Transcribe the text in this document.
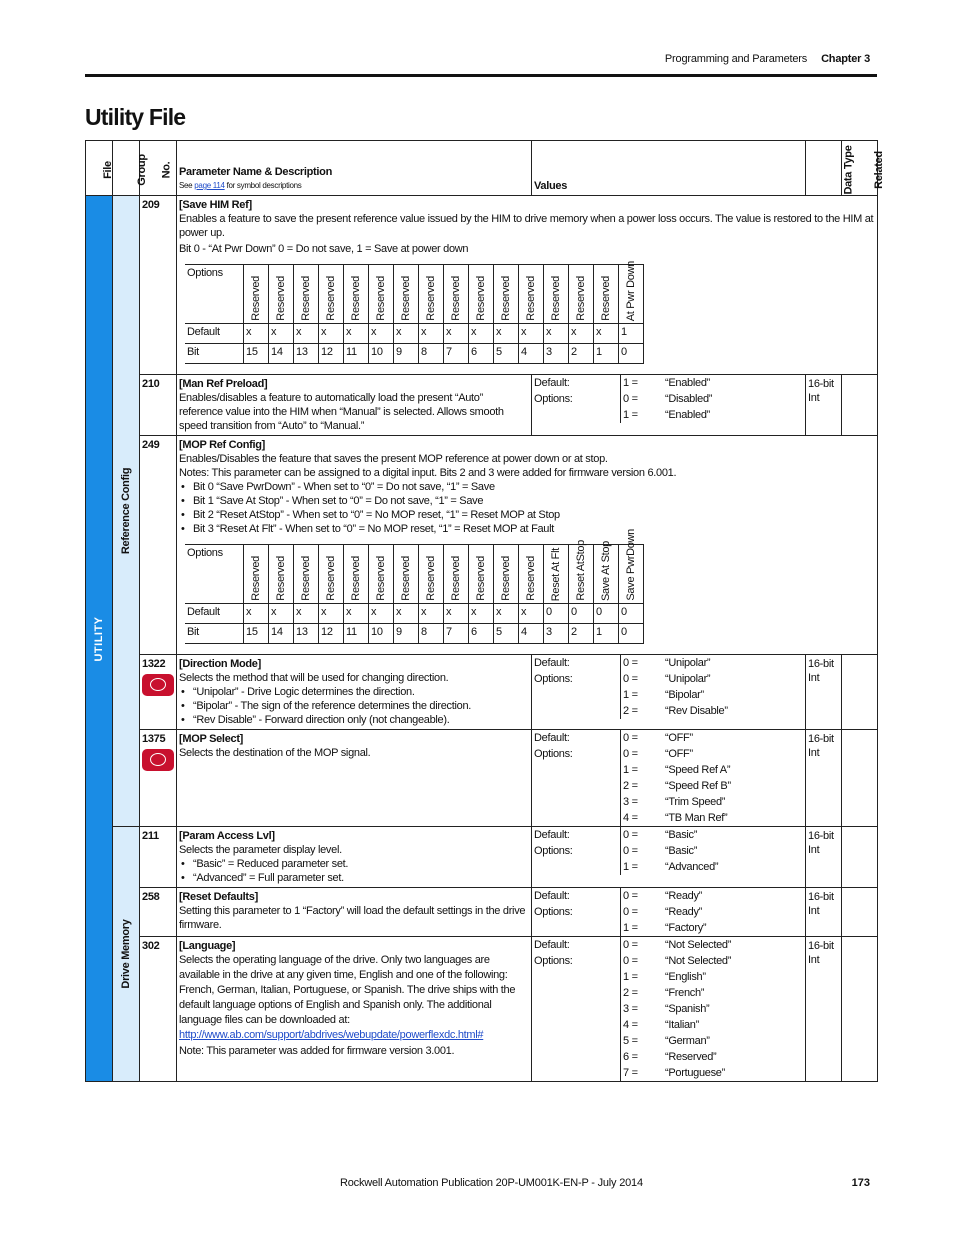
Programming and Parameters Chapter 3
Utility File
File	Group	No.	Parameter Name & Description
See page 114 for symbol descriptions	Values	Data Type	Related

UTILITY

Reference Config
	209	[Save HIM Ref]
Enables a feature to save the present reference value issued by the HIM to drive memory when a power loss occurs. The value is restored to the HIM at power up.
Bit 0 - “At Pwr Down” 0 = Do not save, 1 = Save at power down
Options	
Reserved	Reserved	Reserved	Reserved	Reserved	Reserved	Reserved	Reserved	Reserved	Reserved	Reserved	Reserved	Reserved	Reserved	Reserved	At Pwr Down

Default	x	x	x	x	x	x	x	x	x	x	x	x	x	x	x	1
Bit	15	14	13	12	11	10	9	8	7	6	5	4	3	2	1	0

210	[Man Ref Preload]
Enables/disables a feature to automatically load the present “Auto” reference value into the HIM when “Manual” is selected. Allows smooth speed transition from “Auto” to “Manual.”

Default:	1 =	“Enabled”
Options:	0 =	“Disabled”
	1 =	“Enabled”
	16-bit Int	
249	[MOP Ref Config]
Enables/Disables the feature that saves the present MOP reference at power down or at stop.
Notes: This parameter can be assigned to a digital input. Bits 2 and 3 were added for firmware version 6.001.
• Bit 0 “Save PwrDown” - When set to “0” = Do not save, “1” = Save
• Bit 1 “Save At Stop” - When set to “0” = Do not save, “1” = Save
• Bit 2 “Reset AtStop” - When set to “0” = No MOP reset, “1” = Reset MOP at Stop
• Bit 3 “Reset At Flt” - When set to “0” = No MOP reset, “1” = Reset MOP at Fault
Options	
Reserved	Reserved	Reserved	Reserved	Reserved	Reserved	Reserved	Reserved	Reserved	Reserved	Reserved	Reserved	Reset At Flt	Reset AtStop	Save At Stop	Save PwrDown

Default	x	x	x	x	x	x	x	x	x	x	x	x	0	0	0	0
Bit	15	14	13	12	11	10	9	8	7	6	5	4	3	2	1	0

1322	[Direction Mode]
Selects the method that will be used for changing direction.
• “Unipolar” - Drive Logic determines the direction.
• “Bipolar” - The sign of the reference determines the direction.
• “Rev Disable” - Forward direction only (not changeable).

Default:	0 =	“Unipolar”
Options:	0 =	“Unipolar”
	1 =	“Bipolar”
	2 =	“Rev Disable”
	16-bit Int	

1375	[MOP Select]
Selects the destination of the MOP signal.

Default:	0 =	“OFF”
Options:	0 =	“OFF”
	1 =	“Speed Ref A”
	2 =	“Speed Ref B”
	3 =	“Trim Speed”
	4 =	“TB Man Ref”
	16-bit Int	

Drive Memory
	211	[Param Access Lvl]
Selects the parameter display level.
• “Basic” = Reduced parameter set.
• “Advanced” = Full parameter set.

Default:	0 =	“Basic”
Options:	0 =	“Basic”
	1 =	“Advanced”
	16-bit Int	
258	[Reset Defaults]
Setting this parameter to 1 “Factory” will load the default settings in the drive firmware.

Default:	0 =	“Ready”
Options:	0 =	“Ready”
	1 =	“Factory”
	16-bit Int	
302	[Language]
Selects the operating language of the drive. Only two languages are available in the drive at any given time, English and one of the following: French, German, Italian, Portuguese, or Spanish. The drive ships with the default language options of English and Spanish only. The additional language files can be downloaded at:
http://www.ab.com/support/abdrives/webupdate/powerflexdc.html#
Note: This parameter was added for firmware version 3.001.

Default:	0 =	“Not Selected”
Options:	0 =	“Not Selected”
	1 =	“English”
	2 =	“French”
	3 =	“Spanish”
	4 =	“Italian”
	5 =	“German”
	6 =	“Reserved”
	7 =	“Portuguese”
	16-bit Int	
Rockwell Automation Publication 20P-UM001K-EN-P - July 2014	173
